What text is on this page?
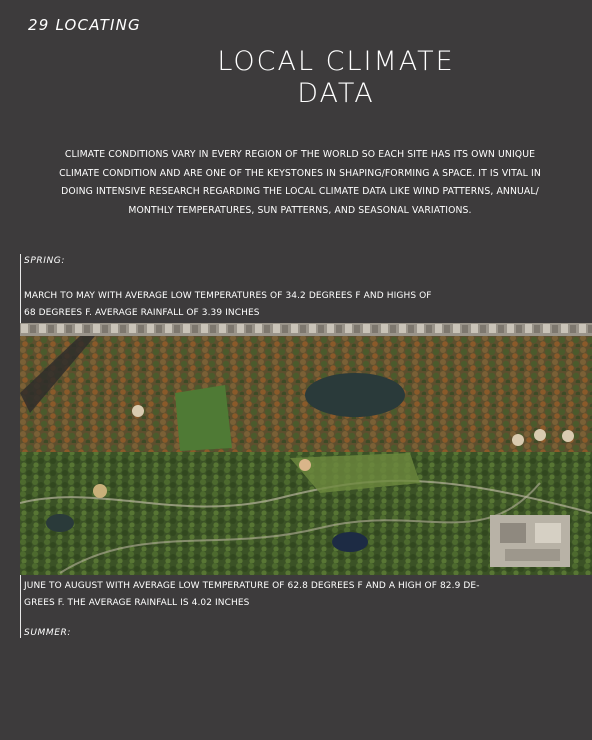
29 LOCATING
LOCAL CLIMATE
DATA
CLIMATE CONDITIONS VARY IN EVERY REGION OF THE WORLD SO EACH SITE HAS ITS OWN UNIQUE
CLIMATE CONDITION AND ARE ONE OF THE KEYSTONES IN SHAPING/FORMING A SPACE. IT IS VITAL IN
DOING INTENSIVE RESEARCH REGARDING THE LOCAL CLIMATE DATA LIKE WIND PATTERNS, ANNUAL/
MONTHLY TEMPERATURES, SUN PATTERNS, AND SEASONAL VARIATIONS.
SPRING:
MARCH TO MAY WITH AVERAGE LOW TEMPERATURES OF 34.2 DEGREES F AND HIGHS OF
68 DEGREES F. AVERAGE RAINFALL OF 3.39 INCHES
JUNE TO AUGUST WITH AVERAGE LOW TEMPERATURE OF 62.8 DEGREES F AND A HIGH OF 82.9 DE-
GREES F. THE AVERAGE RAINFALL IS 4.02 INCHES
SUMMER:
